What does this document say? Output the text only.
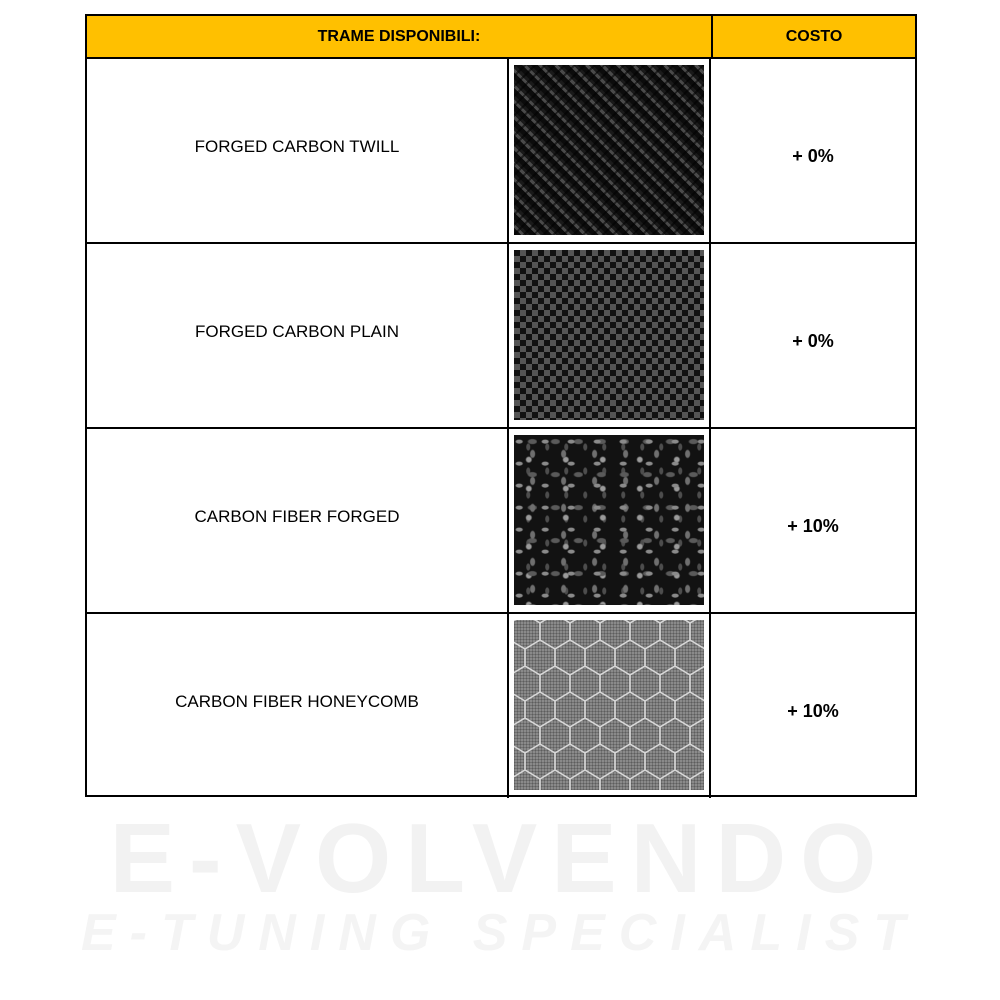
TRAME DISPONIBILI:	COSTO
FORGED CARBON TWILL	+ 0%
FORGED CARBON PLAIN	+ 0%
CARBON FIBER FORGED	+ 10%
CARBON FIBER HONEYCOMB	+ 10%
E-VOLVENDO
E-TUNING SPECIALIST
